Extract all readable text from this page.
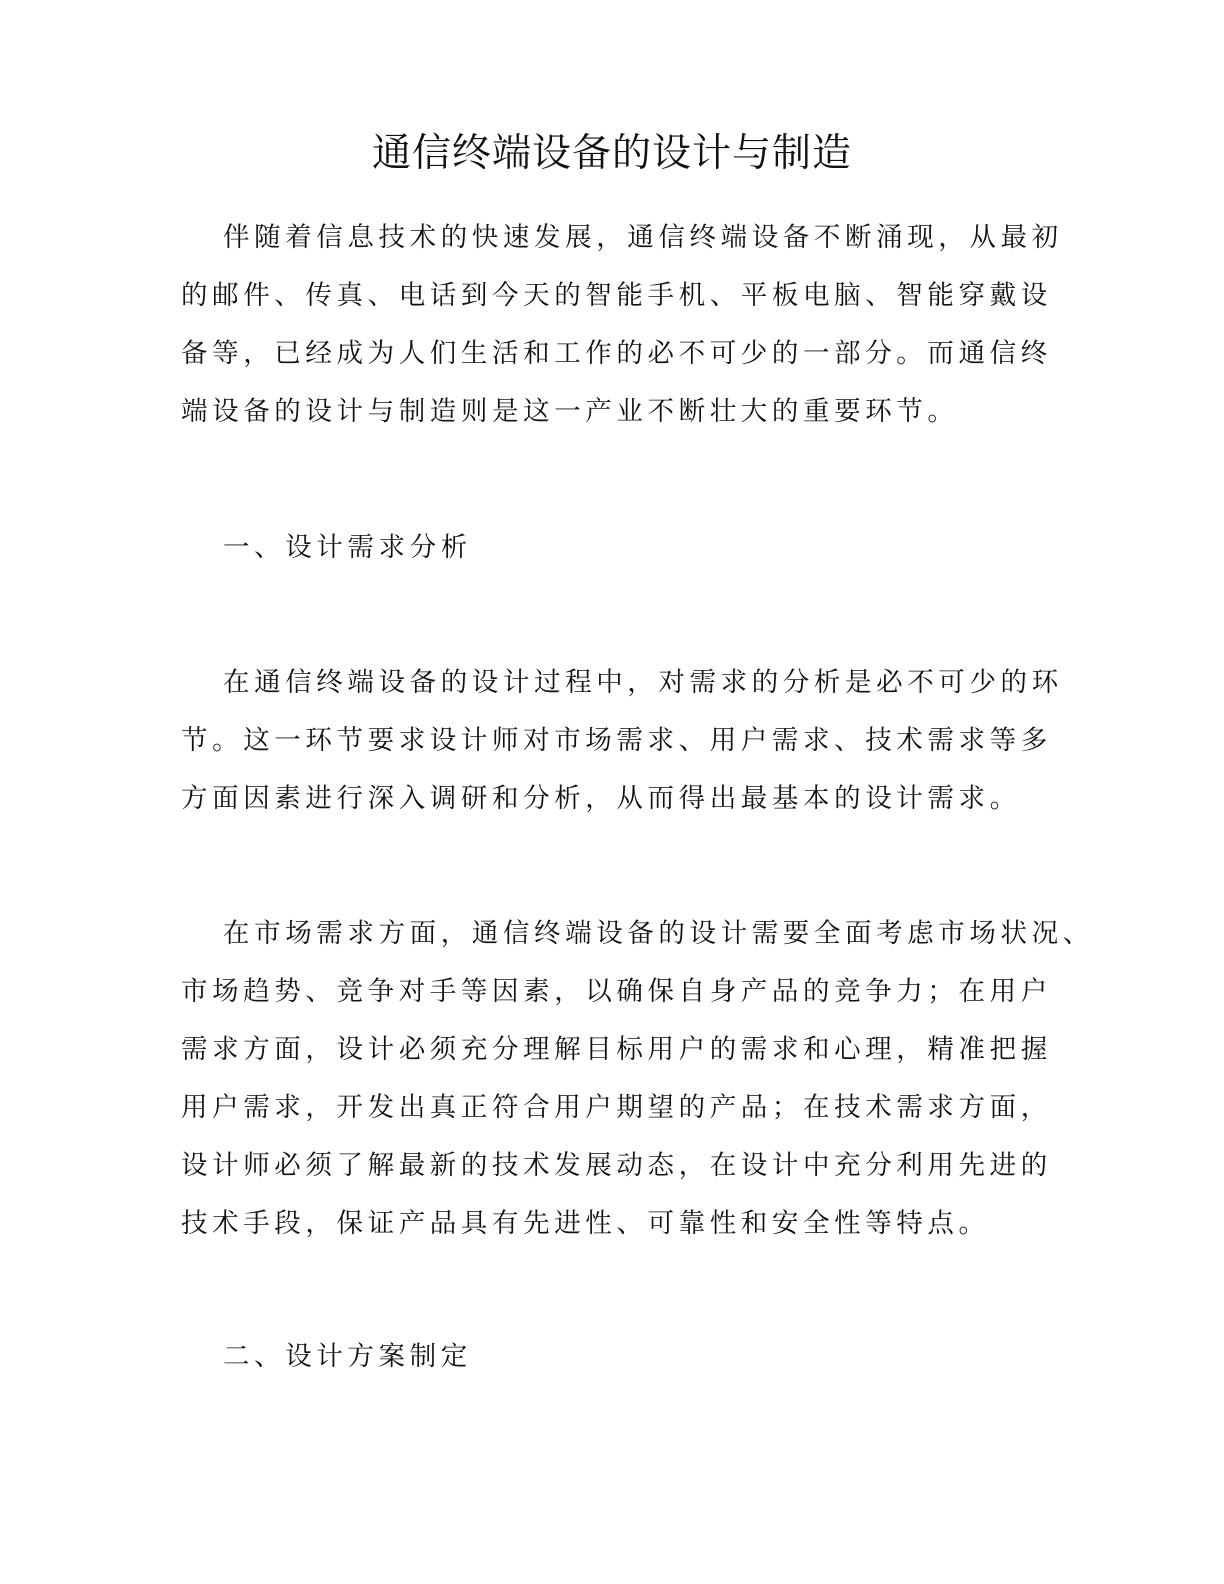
通信终端设备的设计与制造

伴随着信息技术的快速发展，通信终端设备不断涌现，从最初
的邮件、传真、电话到今天的智能手机、平板电脑、智能穿戴设
备等，已经成为人们生活和工作的必不可少的一部分。而通信终
端设备的设计与制造则是这一产业不断壮大的重要环节。

一、设计需求分析

在通信终端设备的设计过程中，对需求的分析是必不可少的环
节。这一环节要求设计师对市场需求、用户需求、技术需求等多
方面因素进行深入调研和分析，从而得出最基本的设计需求。

在市场需求方面，通信终端设备的设计需要全面考虑市场状况、
市场趋势、竞争对手等因素，以确保自身产品的竞争力；在用户
需求方面，设计必须充分理解目标用户的需求和心理，精准把握
用户需求，开发出真正符合用户期望的产品；在技术需求方面，
设计师必须了解最新的技术发展动态，在设计中充分利用先进的
技术手段，保证产品具有先进性、可靠性和安全性等特点。

二、设计方案制定
